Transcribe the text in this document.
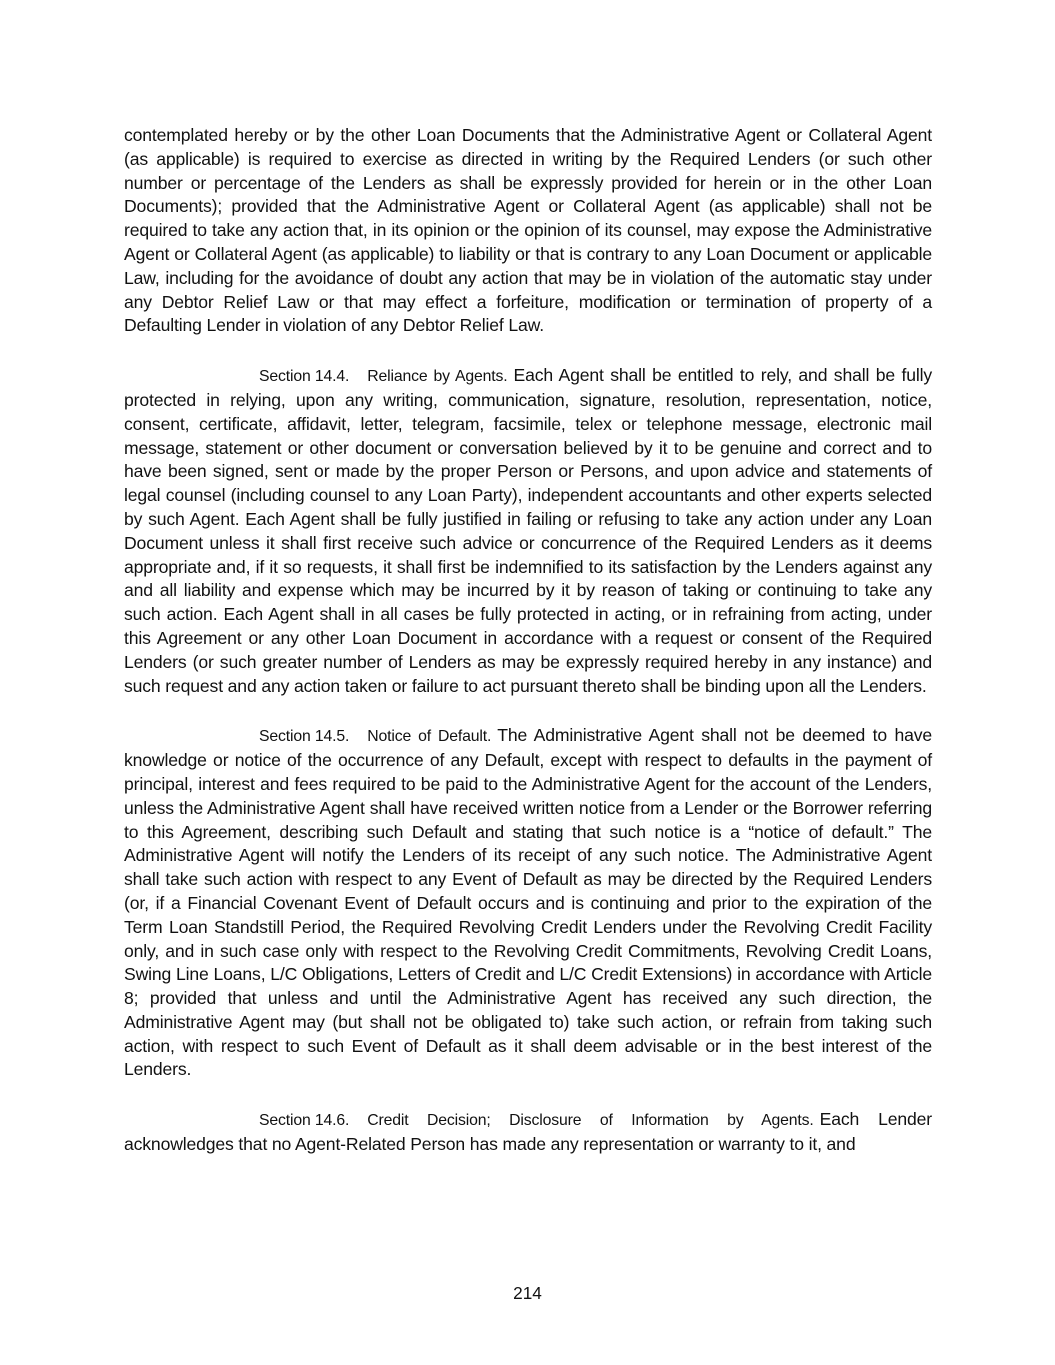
contemplated hereby or by the other Loan Documents that the Administrative Agent or Collateral Agent (as applicable) is required to exercise as directed in writing by the Required Lenders (or such other number or percentage of the Lenders as shall be expressly provided for herein or in the other Loan Documents); provided that the Administrative Agent or Collateral Agent (as applicable) shall not be required to take any action that, in its opinion or the opinion of its counsel, may expose the Administrative Agent or Collateral Agent (as applicable) to liability or that is contrary to any Loan Document or applicable Law, including for the avoidance of doubt any action that may be in violation of the automatic stay under any Debtor Relief Law or that may effect a forfeiture, modification or termination of property of a Defaulting Lender in violation of any Debtor Relief Law.

Section 14.4. Reliance by Agents. Each Agent shall be entitled to rely, and shall be fully protected in relying, upon any writing, communication, signature, resolution, representation, notice, consent, certificate, affidavit, letter, telegram, facsimile, telex or telephone message, electronic mail message, statement or other document or conversation believed by it to be genuine and correct and to have been signed, sent or made by the proper Person or Persons, and upon advice and statements of legal counsel (including counsel to any Loan Party), independent accountants and other experts selected by such Agent. Each Agent shall be fully justified in failing or refusing to take any action under any Loan Document unless it shall first receive such advice or concurrence of the Required Lenders as it deems appropriate and, if it so requests, it shall first be indemnified to its satisfaction by the Lenders against any and all liability and expense which may be incurred by it by reason of taking or continuing to take any such action. Each Agent shall in all cases be fully protected in acting, or in refraining from acting, under this Agreement or any other Loan Document in accordance with a request or consent of the Required Lenders (or such greater number of Lenders as may be expressly required hereby in any instance) and such request and any action taken or failure to act pursuant thereto shall be binding upon all the Lenders.

Section 14.5. Notice of Default. The Administrative Agent shall not be deemed to have knowledge or notice of the occurrence of any Default, except with respect to defaults in the payment of principal, interest and fees required to be paid to the Administrative Agent for the account of the Lenders, unless the Administrative Agent shall have received written notice from a Lender or the Borrower referring to this Agreement, describing such Default and stating that such notice is a “notice of default.” The Administrative Agent will notify the Lenders of its receipt of any such notice. The Administrative Agent shall take such action with respect to any Event of Default as may be directed by the Required Lenders (or, if a Financial Covenant Event of Default occurs and is continuing and prior to the expiration of the Term Loan Standstill Period, the Required Revolving Credit Lenders under the Revolving Credit Facility only, and in such case only with respect to the Revolving Credit Commitments, Revolving Credit Loans, Swing Line Loans, L/C Obligations, Letters of Credit and L/C Credit Extensions) in accordance with Article 8; provided that unless and until the Administrative Agent has received any such direction, the Administrative Agent may (but shall not be obligated to) take such action, or refrain from taking such action, with respect to such Event of Default as it shall deem advisable or in the best interest of the Lenders.

Section 14.6. Credit Decision; Disclosure of Information by Agents. Each Lender acknowledges that no Agent-Related Person has made any representation or warranty to it, and

214
